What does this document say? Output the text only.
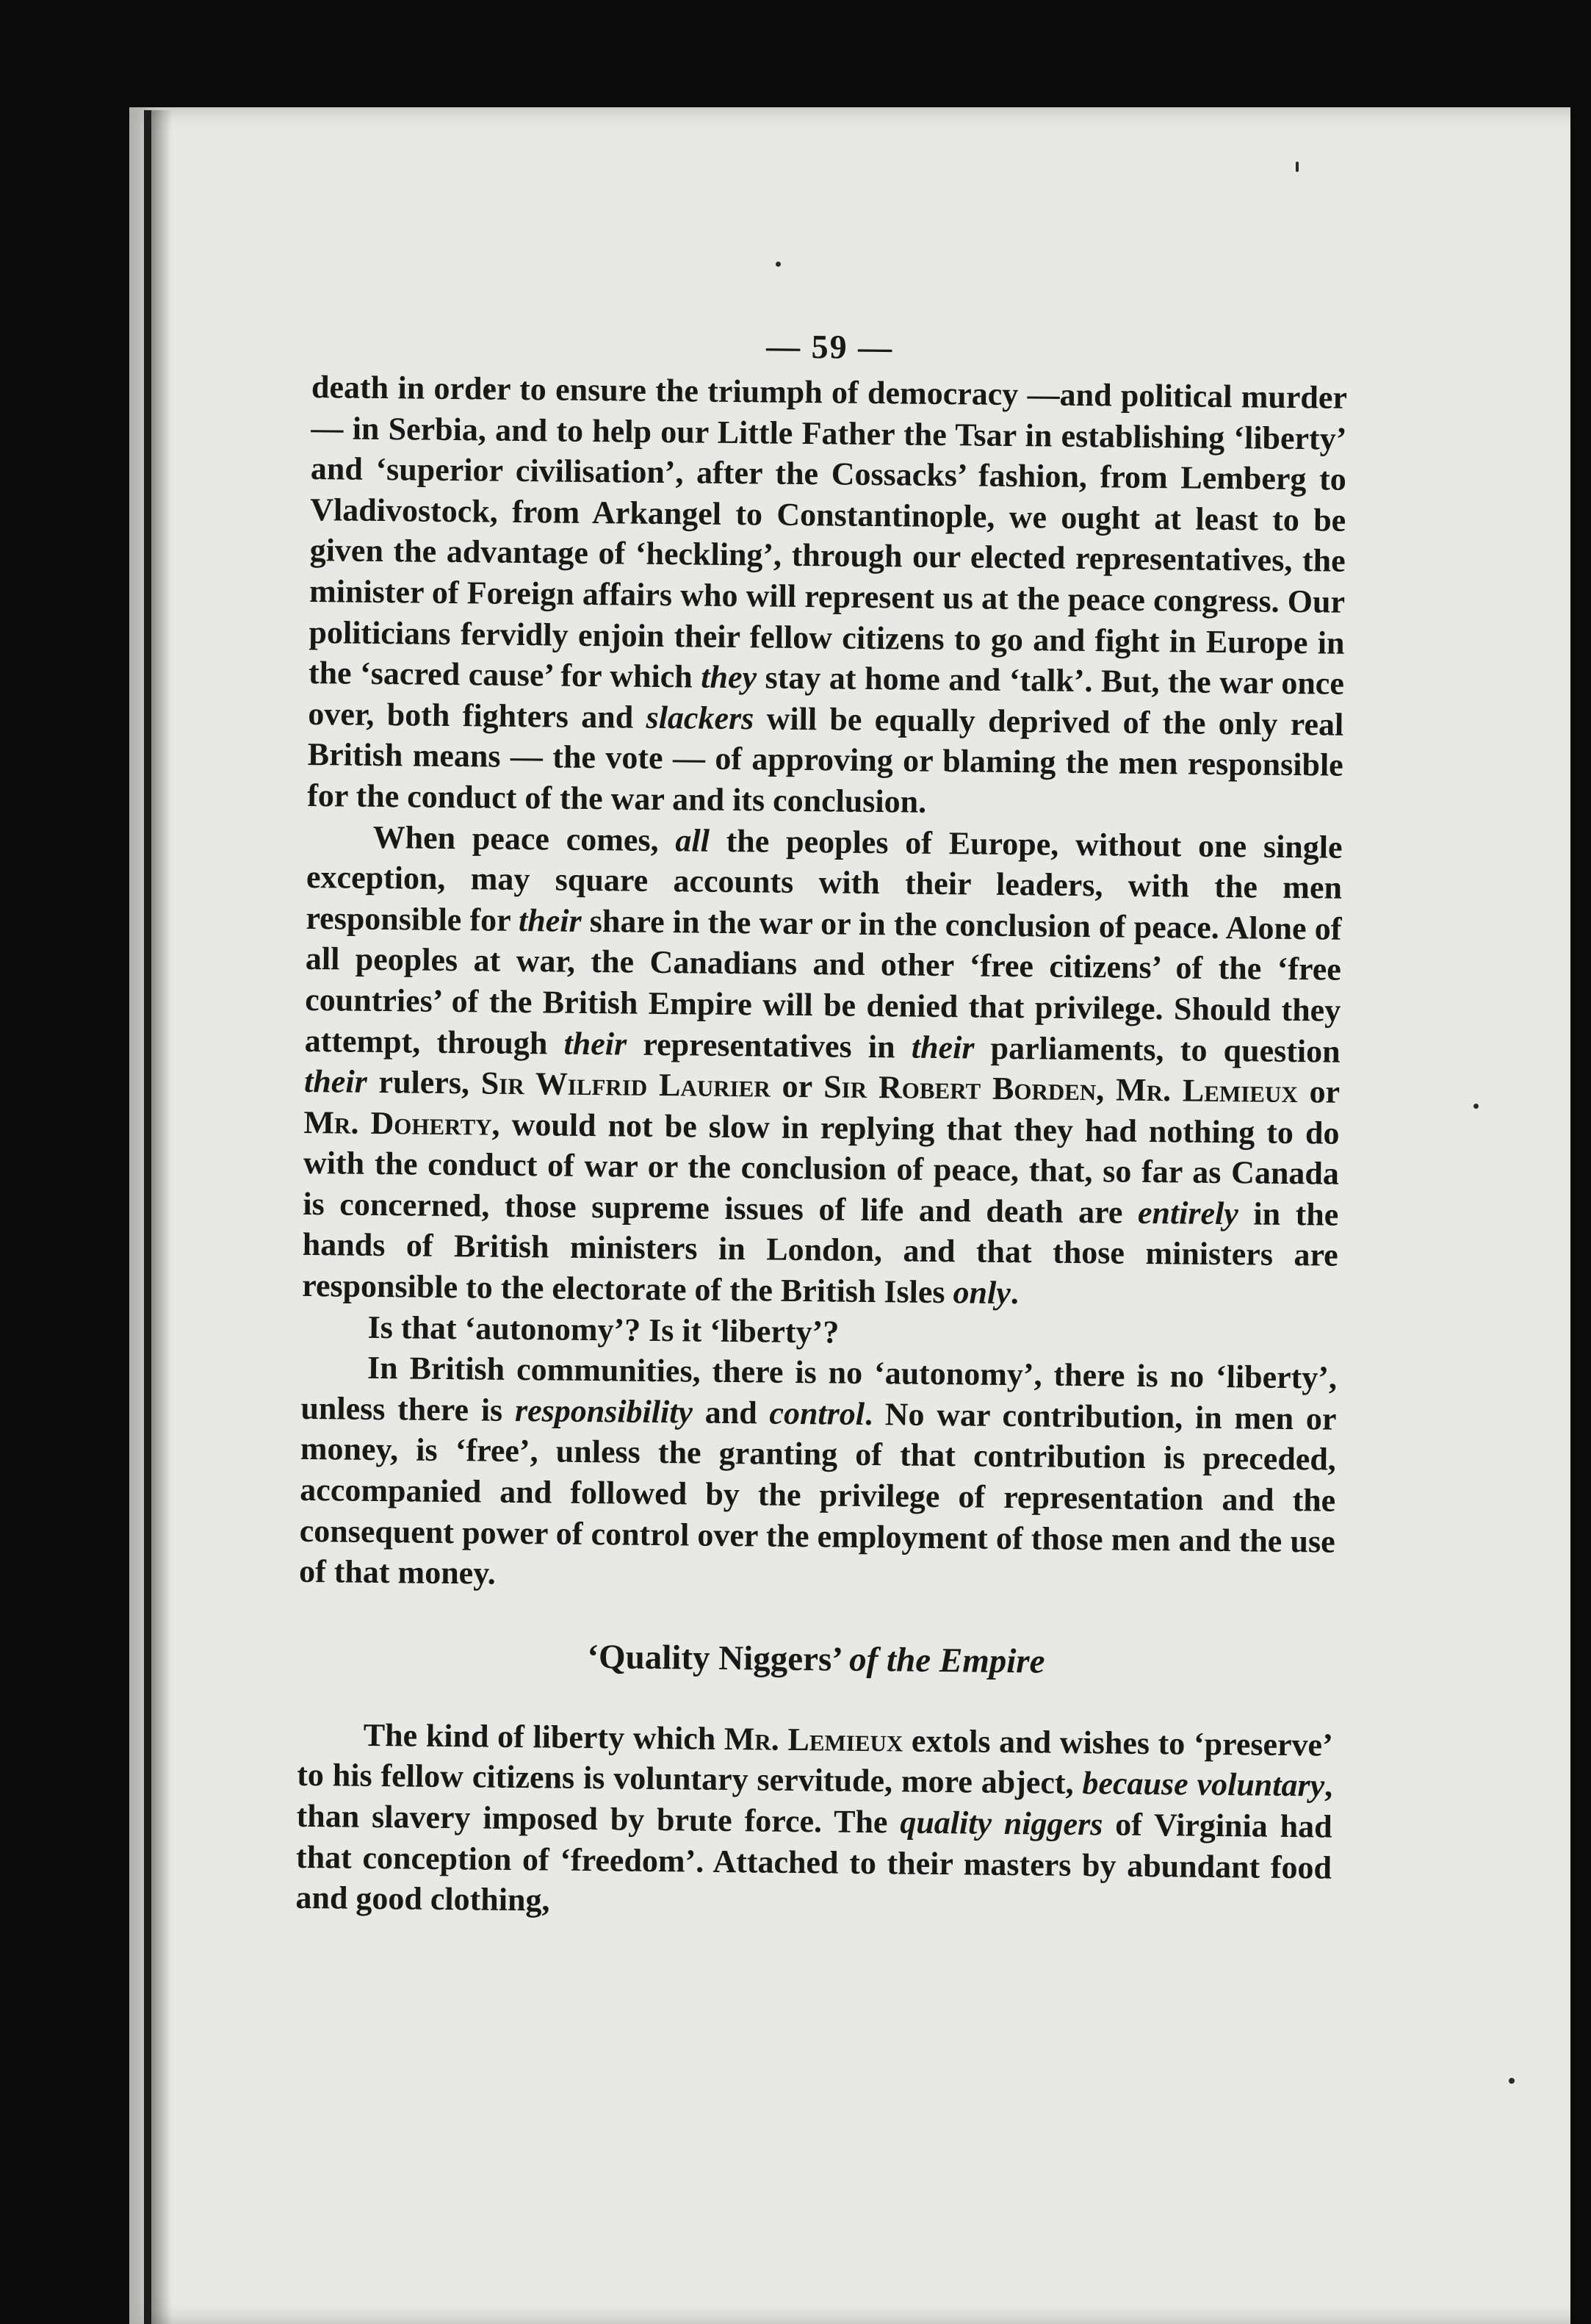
— 59 —

death in order to ensure the triumph of democracy —and political murder— in Serbia, and to help our Little Father the Tsar in establishing ‘liberty’ and ‘superior civilisation’, after the Cossacks’ fashion, from Lemberg to Vladivostock, from Arkangel to Constantinople, we ought at least to be given the advantage of ‘heckling’, through our elected representatives, the minister of Foreign affairs who will represent us at the peace congress. Our politicians fervidly enjoin their fellow citizens to go and fight in Europe in the ‘sacred cause’ for which they stay at home and ‘talk’. But, the war once over, both fighters and slackers will be equally deprived of the only real British means — the vote — of approving or blaming the men responsible for the conduct of the war and its conclusion.

When peace comes, all the peoples of Europe, without one single exception, may square accounts with their leaders, with the men responsible for their share in the war or in the conclusion of peace. Alone of all peoples at war, the Canadians and other ‘free citizens’ of the ‘free countries’ of the British Empire will be denied that privilege. Should they attempt, through their representatives in their parliaments, to question their rulers, Sir Wilfrid Laurier or Sir Robert Borden, Mr. Lemieux or Mr. Doherty, would not be slow in replying that they had nothing to do with the conduct of war or the conclusion of peace, that, so far as Canada is concerned, those supreme issues of life and death are entirely in the hands of British ministers in London, and that those ministers are responsible to the electorate of the British Isles only.

Is that ‘autonomy’? Is it ‘liberty’?

In British communities, there is no ‘autonomy’, there is no ‘liberty’, unless there is responsibility and control. No war contribution, in men or money, is ‘free’, unless the granting of that contribution is preceded, accompanied and followed by the privilege of representation and the consequent power of control over the employment of those men and the use of that money.

‘Quality Niggers’ of the Empire

The kind of liberty which Mr. Lemieux extols and wishes to ‘preserve’ to his fellow citizens is voluntary servitude, more abject, because voluntary, than slavery imposed by brute force. The quality niggers of Virginia had that conception of ‘freedom’. Attached to their masters by abundant food and good clothing,
